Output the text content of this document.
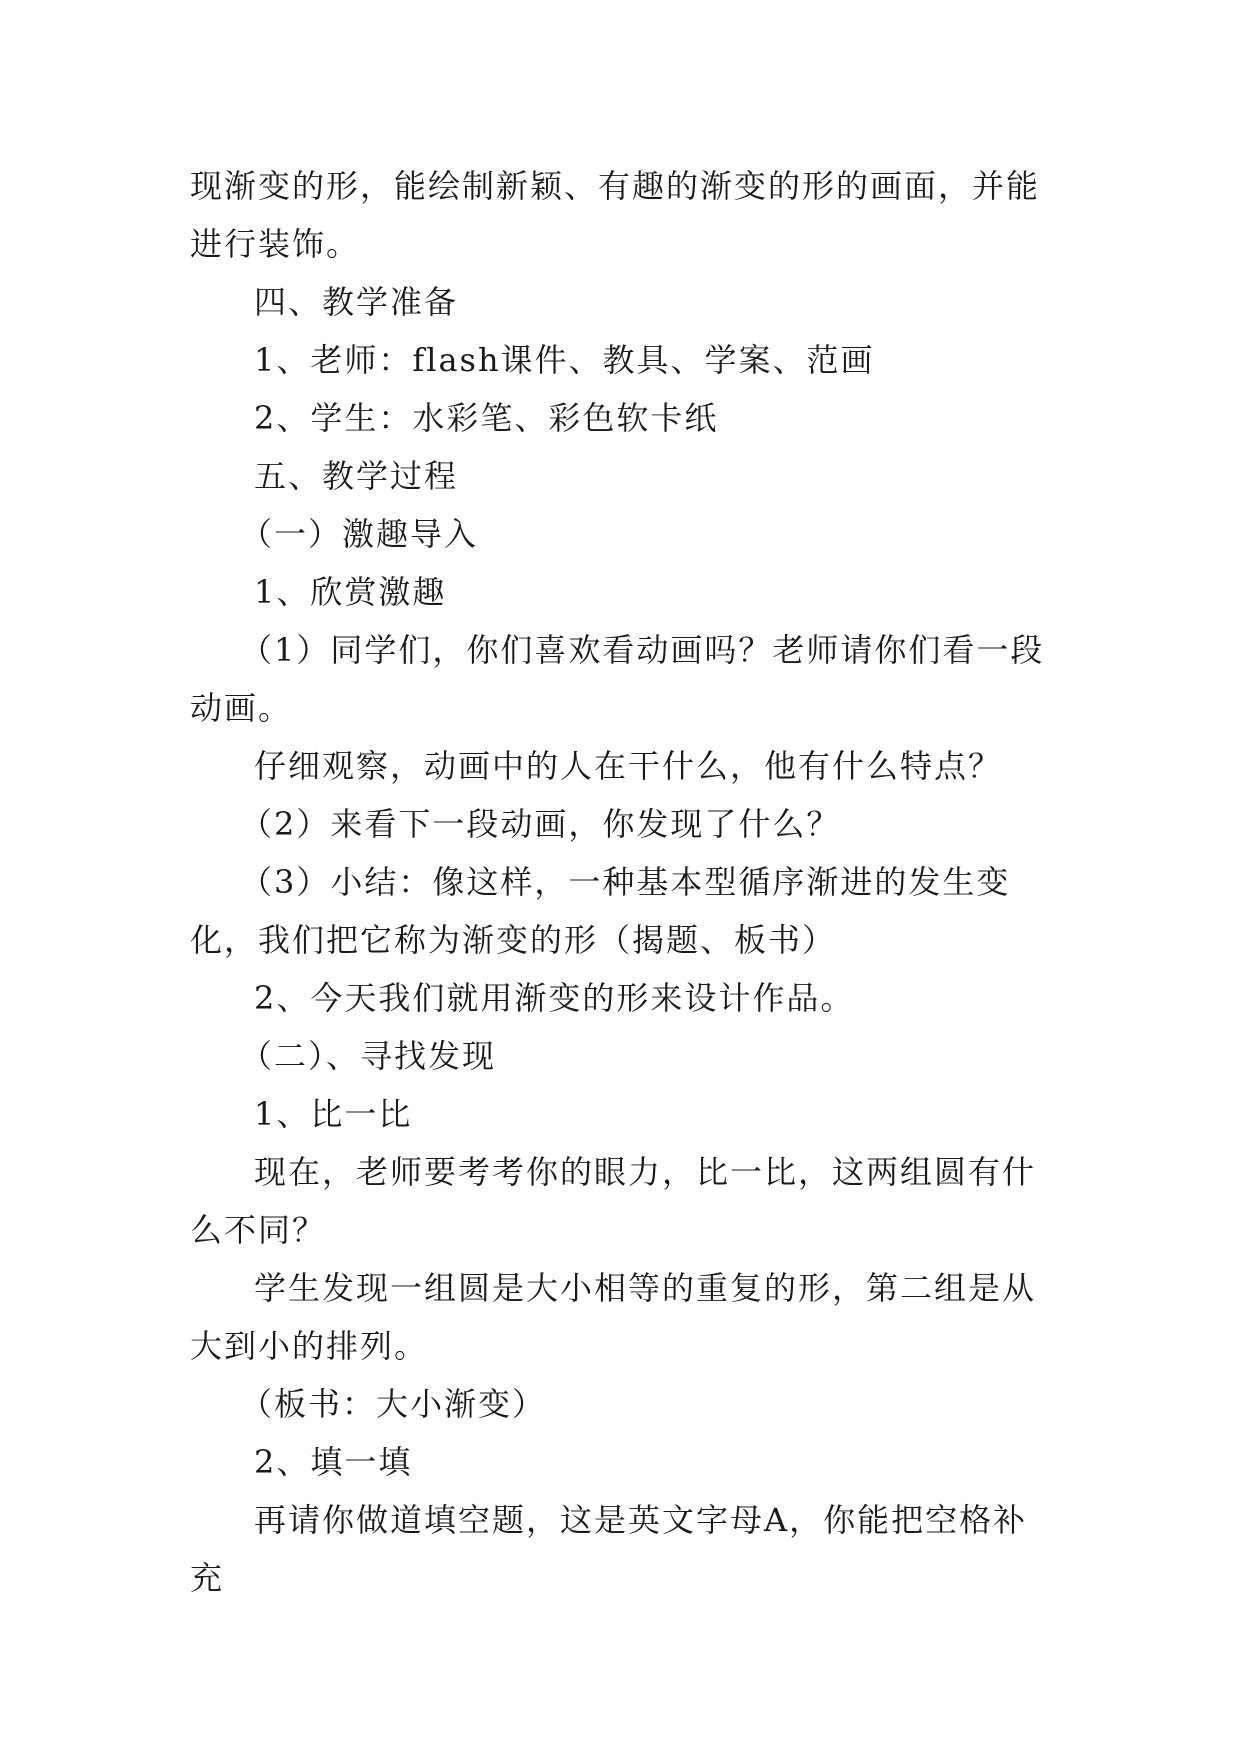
现渐变的形，能绘制新颖、有趣的渐变的形的画面，并能进行装饰。

四、教学准备

1、老师：flash课件、教具、学案、范画

2、学生：水彩笔、彩色软卡纸

五、教学过程

（一）激趣导入

1、欣赏激趣

（1）同学们，你们喜欢看动画吗？老师请你们看一段动画。

仔细观察，动画中的人在干什么，他有什么特点？

（2）来看下一段动画，你发现了什么？

（3）小结：像这样，一种基本型循序渐进的发生变化，我们把它称为渐变的形（揭题、板书）

2、今天我们就用渐变的形来设计作品。

（二）、寻找发现

1、比一比

现在，老师要考考你的眼力，比一比，这两组圆有什么不同？

学生发现一组圆是大小相等的重复的形，第二组是从大到小的排列。

（板书：大小渐变）

2、填一填

再请你做道填空题，这是英文字母A，你能把空格补充
